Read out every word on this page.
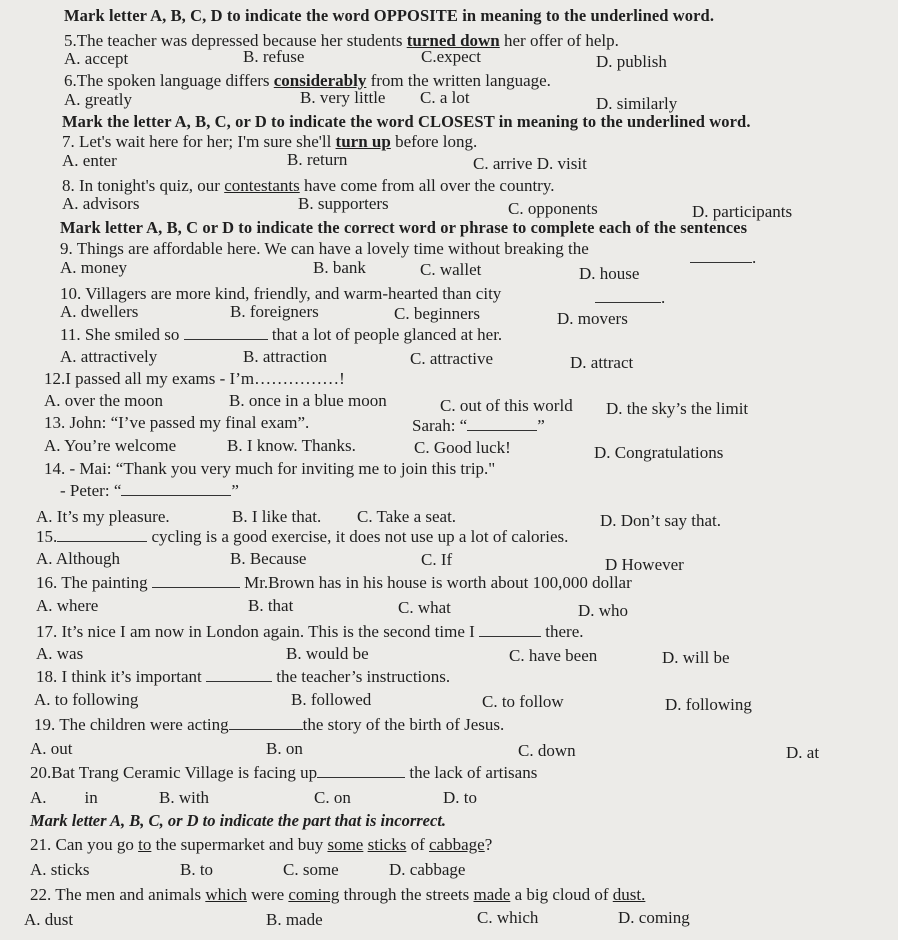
Mark letter A, B, C, D to indicate the word OPPOSITE in meaning to the underlined word.
5.The teacher was depressed because her students turned down her offer of help.
A. accept	B. refuse	C.expect	D. publish
6.The spoken language differs considerably from the written language.
A. greatly	B. very little C. a lot	D. similarly
Mark the letter A, B, C, or D to indicate the word CLOSEST in meaning to the underlined word.
7. Let's wait here for her; I'm sure she'll turn up before long.
A. enter	B. return	C. arrive D. visit
8. In tonight's quiz, our contestants have come from all over the country.
A. advisors	B. supporters	C. opponents	D. participants
Mark letter A, B, C or D to indicate the correct word or phrase to complete each of the sentences
9. Things are affordable here. We can have a lovely time without breaking the	.
A. money	B. bank	C. wallet	D. house
10. Villagers are more kind, friendly, and warm-hearted than city	.
A. dwellers	B. foreigners	C. beginners	D. movers
11. She smiled so	that a lot of people glanced at her.
A. attractively	B. attraction	C. attractive	D. attract
12.I passed all my exams - I’m……………!
A. over the moon	B. once in a blue moon	C. out of this world D. the sky’s the limit
13. John: “I’ve passed my final exam”.	Sarah: “	”
A. You’re welcome	B. I know. Thanks.	C. Good luck!	D. Congratulations
14. - Mai: “Thank you very much for inviting me to join this trip."
- Peter: “	”
A. It’s my pleasure.	B. I like that. C. Take a seat.	D. Don’t say that.
15.	cycling is a good exercise, it does not use up a lot of calories.
A. Although	B. Because	C. If	D However
16. The painting	Mr.Brown has in his house is worth about 100,000 dollar
A. where	B. that	C. what	D. who
17. It’s nice I am now in London again. This is the second time I	there.
A. was	B. would be	C. have been	D. will be
18. I think it’s important	the teacher’s instructions.
A. to following	B. followed	C. to follow	D. following
19. The children were acting	the story of the birth of Jesus.
A. out	B. on	C. down	D. at
20.Bat Trang Ceramic Village is facing up	the lack of artisans
A. in	B. with	C. on	D. to
Mark letter A, B, C, or D to indicate the part that is incorrect.
21. Can you go to the supermarket and buy some sticks of cabbage?
A. sticks	B. to	C. some	D. cabbage
22. The men and animals which were coming through the streets made a big cloud of dust.
A. dust	B. made	C. which	D. coming
